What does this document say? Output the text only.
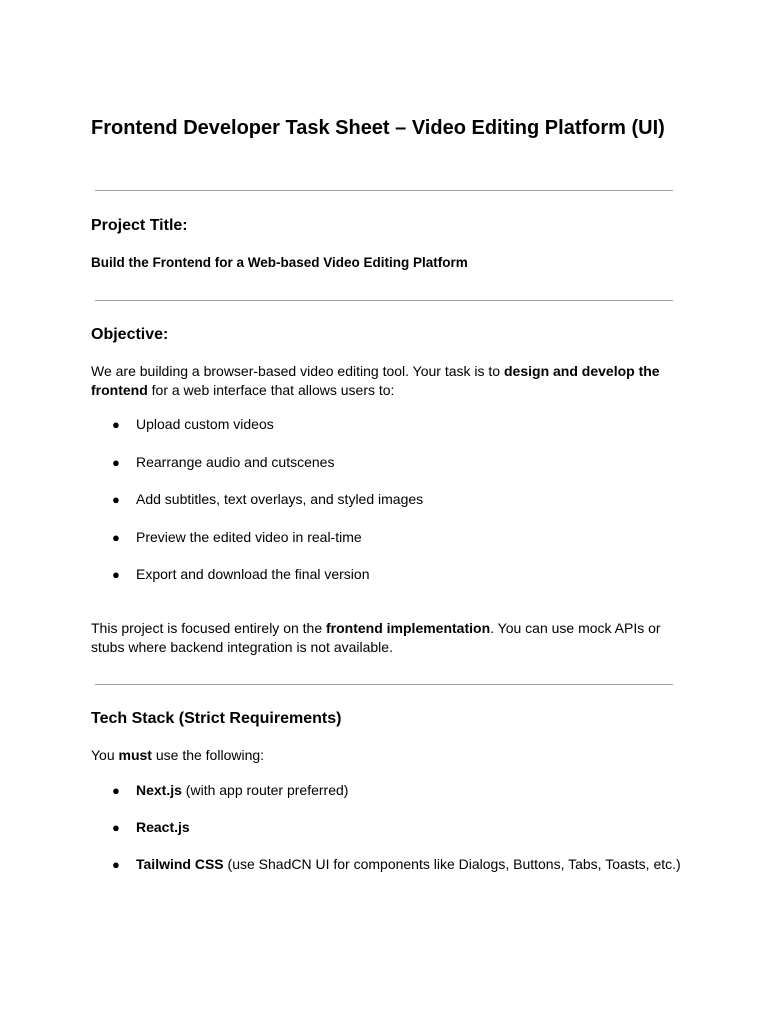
Frontend Developer Task Sheet – Video Editing Platform (UI)
Project Title:

Build the Frontend for a Web-based Video Editing Platform

Objective:

We are building a browser-based video editing tool. Your task is to design and develop the frontend for a web interface that allows users to:

● Upload custom videos
● Rearrange audio and cutscenes
● Add subtitles, text overlays, and styled images
● Preview the edited video in real-time
● Export and download the final version

This project is focused entirely on the frontend implementation. You can use mock APIs or stubs where backend integration is not available.

Tech Stack (Strict Requirements)

You must use the following:

● Next.js (with app router preferred)
● React.js
● Tailwind CSS (use ShadCN UI for components like Dialogs, Buttons, Tabs, Toasts, etc.)
